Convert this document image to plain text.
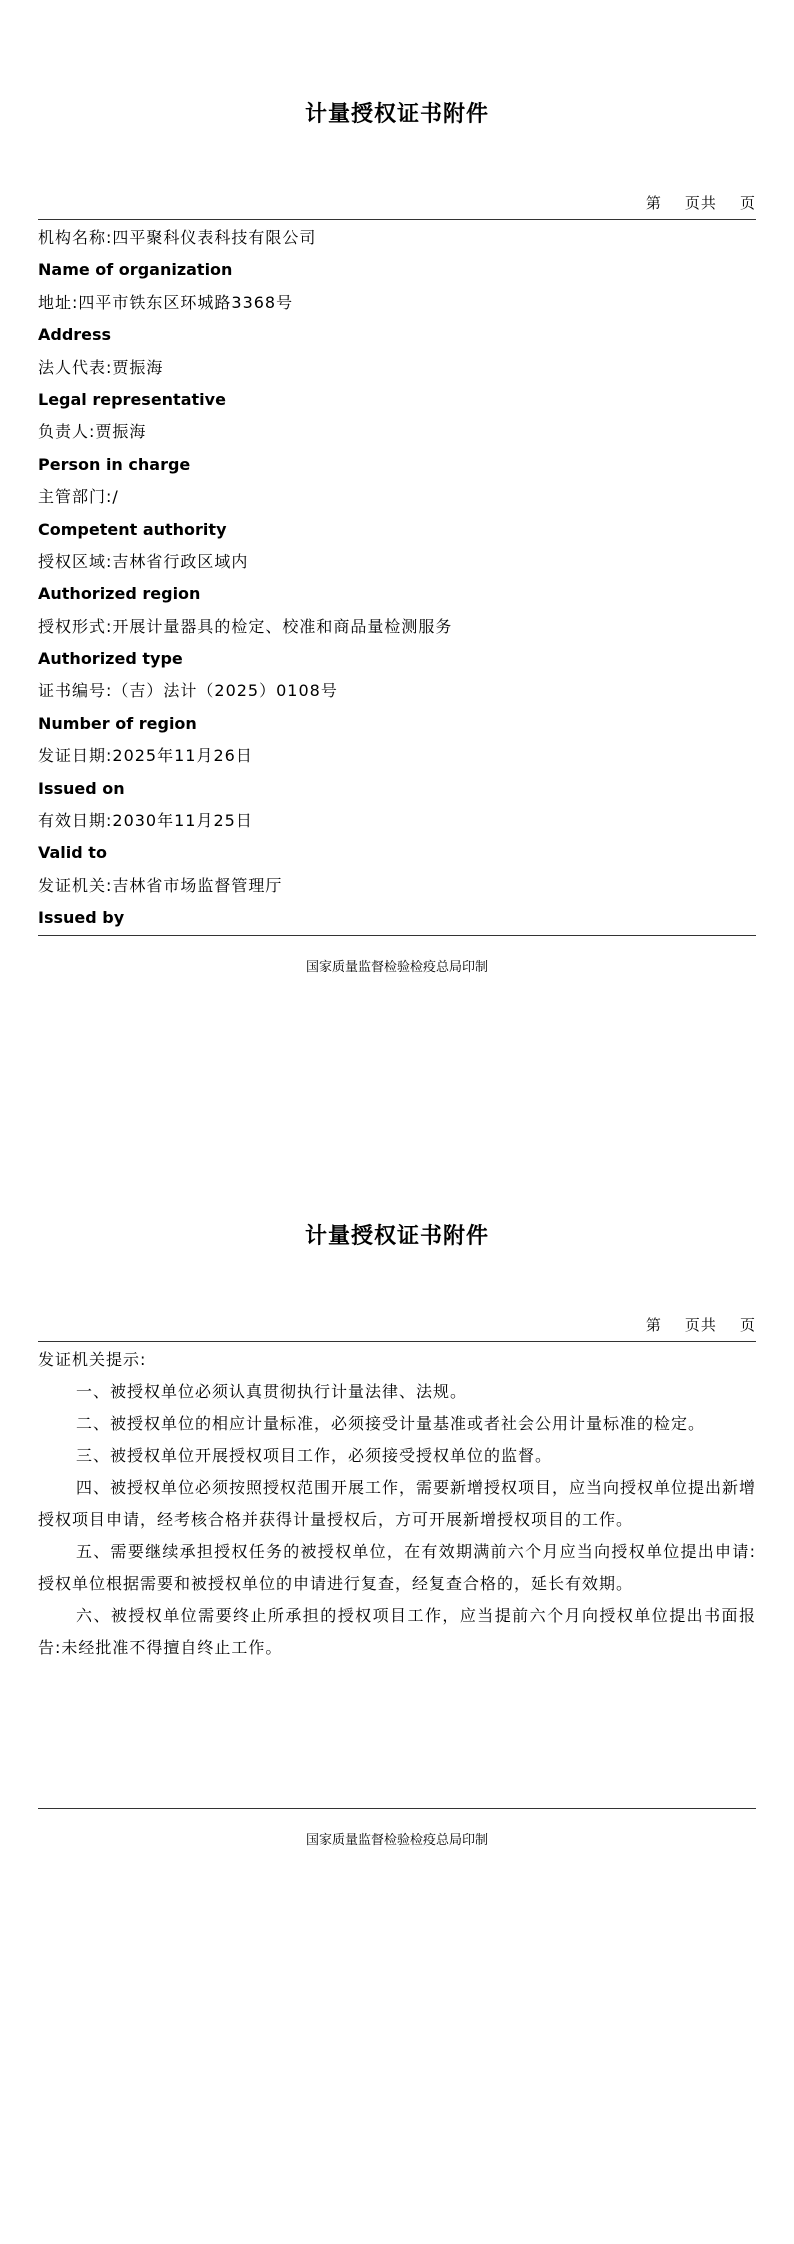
计量授权证书附件
第    页共    页
机构名称:四平聚科仪表科技有限公司
Name of organization
地址:四平市铁东区环城路3368号
Address
法人代表:贾振海
Legal representative
负责人:贾振海
Person in charge
主管部门:/
Competent authority
授权区域:吉林省行政区域内
Authorized region
授权形式:开展计量器具的检定、校准和商品量检测服务
Authorized type
证书编号:（吉）法计（2025）0108号
Number of region
发证日期:2025年11月26日
Issued on
有效日期:2030年11月25日
Valid to
发证机关:吉林省市场监督管理厅
Issued by
国家质量监督检验检疫总局印制
计量授权证书附件
第    页共    页
发证机关提示:
一、被授权单位必须认真贯彻执行计量法律、法规。
二、被授权单位的相应计量标准，必须接受计量基准或者社会公用计量标准的检定。
三、被授权单位开展授权项目工作，必须接受授权单位的监督。
四、被授权单位必须按照授权范围开展工作，需要新增授权项目，应当向授权单位提出新增授权项目申请，经考核合格并获得计量授权后，方可开展新增授权项目的工作。
五、需要继续承担授权任务的被授权单位，在有效期满前六个月应当向授权单位提出申请:授权单位根据需要和被授权单位的申请进行复查，经复查合格的，延长有效期。
六、被授权单位需要终止所承担的授权项目工作，应当提前六个月向授权单位提出书面报告:未经批准不得擅自终止工作。
国家质量监督检验检疫总局印制
